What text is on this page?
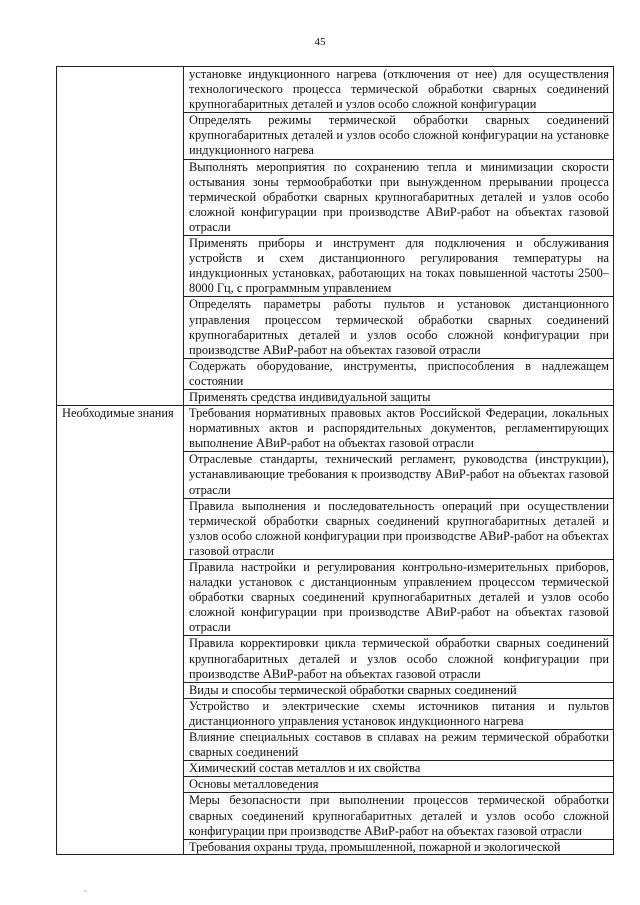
45
	установке индукционного нагрева (отключения от нее) для осуществления технологического процесса термической обработки сварных соединений крупногабаритных деталей и узлов особо сложной конфигурации
	Определять режимы термической обработки сварных соединений крупногабаритных деталей и узлов особо сложной конфигурации на установке индукционного нагрева
	Выполнять мероприятия по сохранению тепла и минимизации скорости остывания зоны термообработки при вынужденном прерывании процесса термической обработки сварных крупногабаритных деталей и узлов особо сложной конфигурации при производстве АВиР-работ на объектах газовой отрасли
	Применять приборы и инструмент для подключения и обслуживания устройств и схем дистанционного регулирования температуры на индукционных установках, работающих на токах повышенной частоты 2500–8000 Гц, с программным управлением
	Определять параметры работы пультов и установок дистанционного управления процессом термической обработки сварных соединений крупногабаритных деталей и узлов особо сложной конфигурации при производстве АВиР-работ на объектах газовой отрасли
	Содержать оборудование, инструменты, приспособления в надлежащем состоянии
	Применять средства индивидуальной защиты
Необходимые знания	Требования нормативных правовых актов Российской Федерации, локальных нормативных актов и распорядительных документов, регламентирующих выполнение АВиР-работ на объектах газовой отрасли
	Отраслевые стандарты, технический регламент, руководства (инструкции), устанавливающие требования к производству АВиР-работ на объектах газовой отрасли
	Правила выполнения и последовательность операций при осуществлении термической обработки сварных соединений крупногабаритных деталей и узлов особо сложной конфигурации при производстве АВиР-работ на объектах газовой отрасли
	Правила настройки и регулирования контрольно-измерительных приборов, наладки установок с дистанционным управлением процессом термической обработки сварных соединений крупногабаритных деталей и узлов особо сложной конфигурации при производстве АВиР-работ на объектах газовой отрасли
	Правила корректировки цикла термической обработки сварных соединений крупногабаритных деталей и узлов особо сложной конфигурации при производстве АВиР-работ на объектах газовой отрасли
	Виды и способы термической обработки сварных соединений
	Устройство и электрические схемы источников питания и пультов дистанционного управления установок индукционного нагрева
	Влияние специальных составов в сплавах на режим термической обработки сварных соединений
	Химический состав металлов и их свойства
	Основы металловедения
	Меры безопасности при выполнении процессов термической обработки сварных соединений крупногабаритных деталей и узлов особо сложной конфигурации при производстве АВиР-работ на объектах газовой отрасли

	Требования охраны труда, промышленной, пожарной и экологической
~
